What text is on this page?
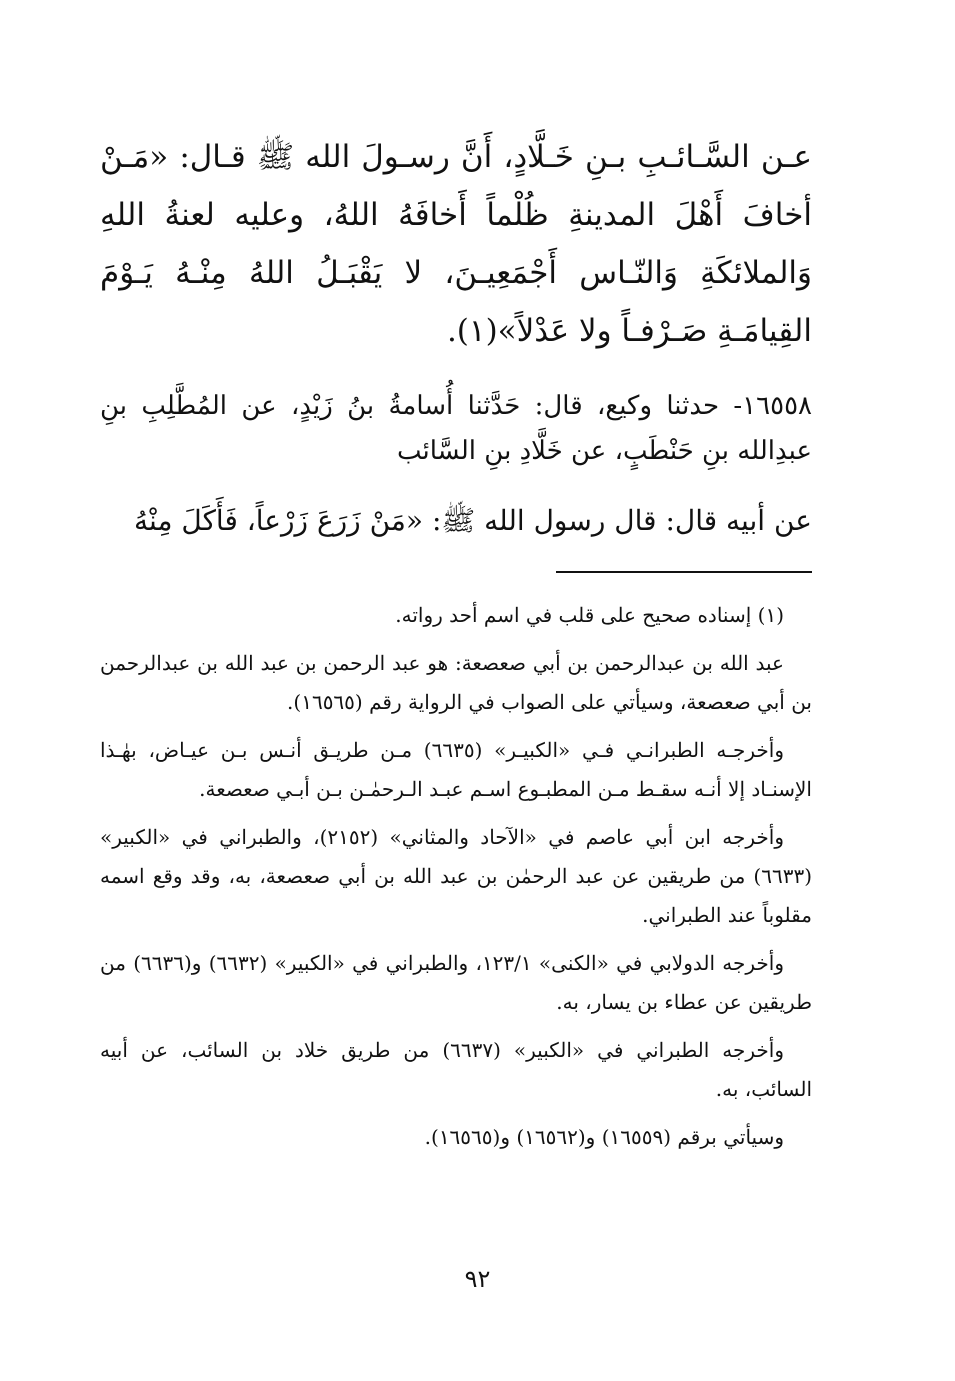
عـن السَّـائـبِ بـنِ خَـلَّادٍ، أَنَّ رسـولَ الله ﷺ قـال: «مَـنْ أخافَ أَهْلَ المدينةِ ظُلْماً أَخافَهُ اللهُ، وعليه لعنةُ اللهِ وَالملائكَةِ وَالنّـاس أَجْمَعِيـنَ، لا يَقْبَـلُ اللهُ مِنْـهُ يَـوْمَ القِيامَـةِ صَـرْفـاً ولا عَدْلاً»(١).

١٦٥٥٨- حدثنا وكيع، قال: حَدَّثنا أُسامةُ بنُ زَيْدٍ، عن المُطَّلِبِ بنِ عبدِالله بنِ حَنْطَبٍ، عن خَلَّادِ بنِ السَّائب

عن أبيه قال: قال رسول الله ﷺ: «مَنْ زَرَعَ زَرْعاً، فَأَكَلَ مِنْهُ

(١) إسناده صحيح على قلب في اسم أحد رواته.

عبد الله بن عبدالرحمن بن أبي صعصعة: هو عبد الرحمن بن عبد الله بن عبدالرحمن بن أبي صعصعة، وسيأتي على الصواب في الرواية رقم (١٦٥٦٥).

وأخرجـه الطبرانـي فـي «الكبيـر» (٦٦٣٥) مـن طريـق أنـس بـن عيـاض، بهٰـذا الإسنـاد إلا أنـه سقـط مـن المطبـوع اسـم عبـد الـرحمٰـن بـن أبـي صعصعة.

وأخرجه ابن أبي عاصم في «الآحاد والمثاني» (٢١٥٢)، والطبراني في «الكبير» (٦٦٣٣) من طريقين عن عبد الرحمٰن بن عبد الله بن أبي صعصعة، به، وقد وقع اسمه مقلوباً عند الطبراني.

وأخرجه الدولابي في «الكنى» ١٢٣/١، والطبراني في «الكبير» (٦٦٣٢) و(٦٦٣٦) من طريقين عن عطاء بن يسار، به.

وأخرجه الطبراني في «الكبير» (٦٦٣٧) من طريق خلاد بن السائب، عن أبيه السائب، به.

وسيأتي برقم (١٦٥٥٩) و(١٦٥٦٢) و(١٦٥٦٥).

٩٢
